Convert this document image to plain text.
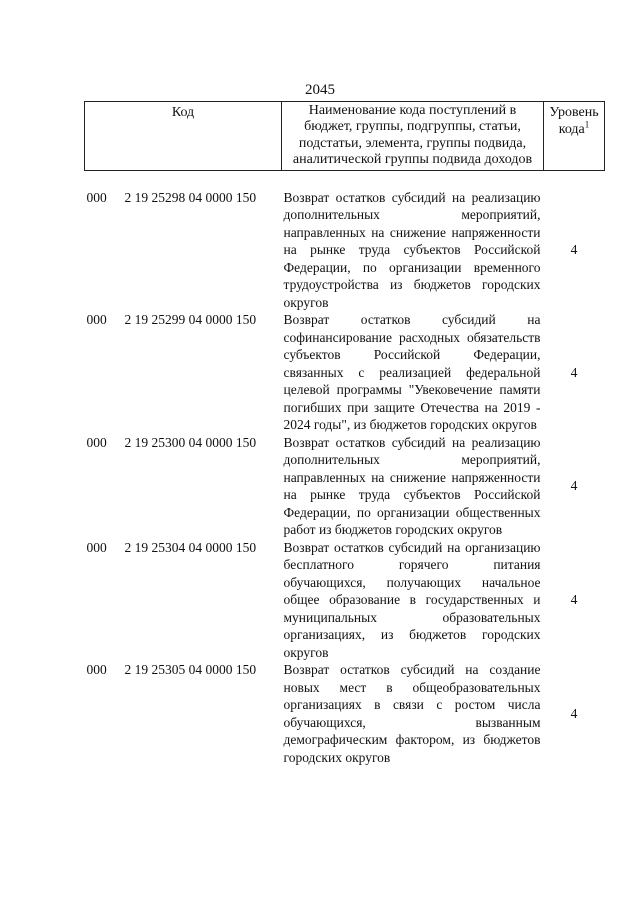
2045
Код	Наименование кода поступлений в бюджет, группы, подгруппы, статьи, подстатьи, элемента, группы подвида, аналитической группы подвида доходов	Уровень кода$^1$

000 2 19 25298 04 0000 150	Возврат остатков субсидий на реализацию дополнительных мероприятий, направленных на снижение напряженности на рынке труда субъектов Российской Федерации, по организации временного трудоустройства из бюджетов городских округов	4
000 2 19 25299 04 0000 150	Возврат остатков субсидий на софинансирование расходных обязательств субъектов Российской Федерации, связанных с реализацией федеральной целевой программы "Увековечение памяти погибших при защите Отечества на 2019 - 2024 годы", из бюджетов городских округов	4
000 2 19 25300 04 0000 150	Возврат остатков субсидий на реализацию дополнительных мероприятий, направленных на снижение напряженности на рынке труда субъектов Российской Федерации, по организации общественных работ из бюджетов городских округов	4
000 2 19 25304 04 0000 150	Возврат остатков субсидий на организацию бесплатного горячего питания обучающихся, получающих начальное общее образование в государственных и муниципальных образовательных организациях, из бюджетов городских округов	4
000 2 19 25305 04 0000 150	Возврат остатков субсидий на создание новых мест в общеобразовательных организациях в связи с ростом числа обучающихся, вызванным демографическим фактором, из бюджетов городских округов	4
